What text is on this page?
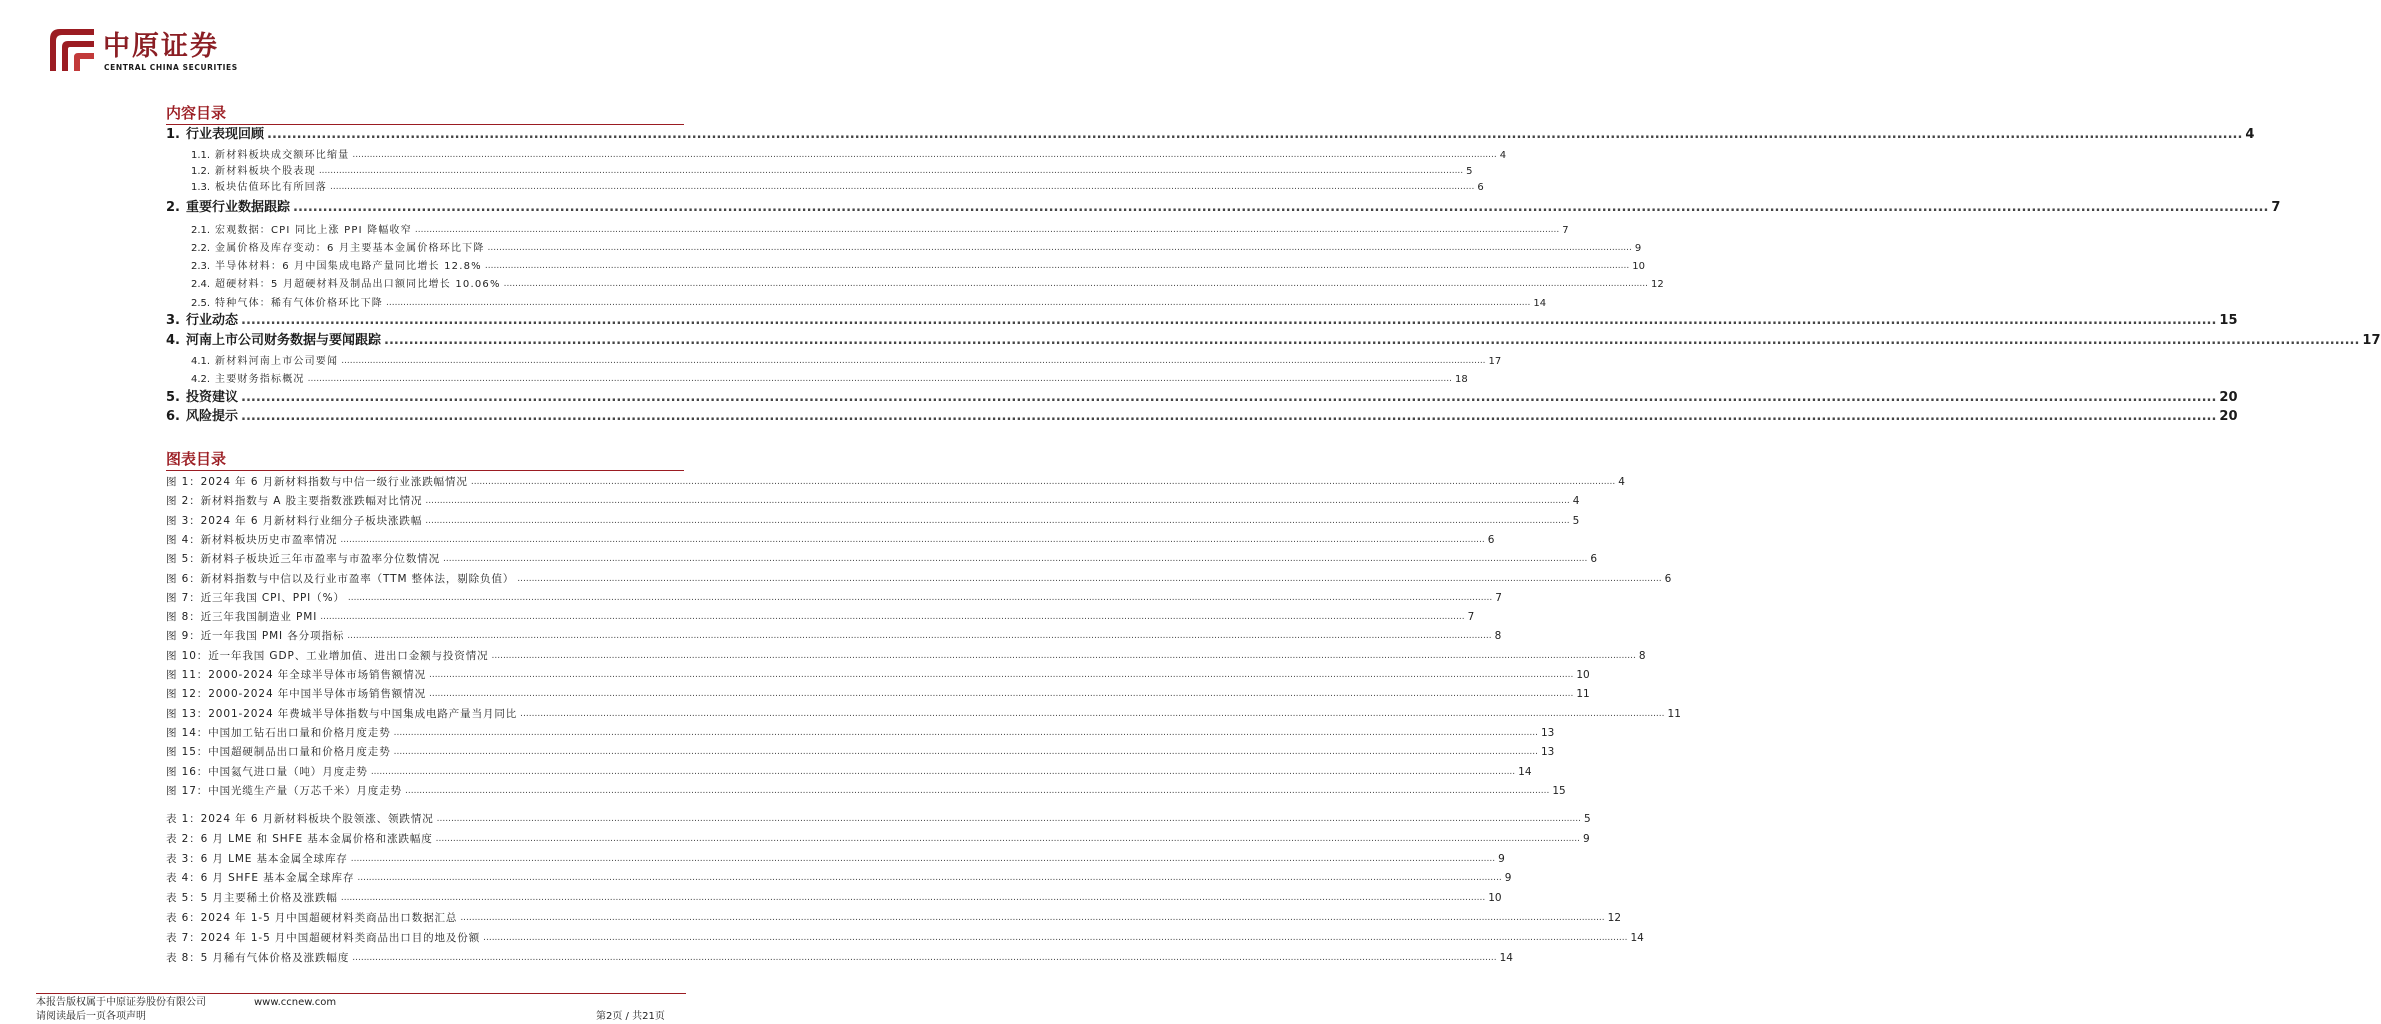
中原证券
CENTRAL CHINA SECURITIES
内容目录
1. 行业表现回顾 ................................................................................................................................................................................................................................................................................................................................................................................................................ 4
1.1. 新材料板块成交额环比缩量 ................................................................................................................................................................................................................................................................................................................................................................................................................ 4
1.2. 新材料板块个股表现 ................................................................................................................................................................................................................................................................................................................................................................................................................ 5
1.3. 板块估值环比有所回落 ................................................................................................................................................................................................................................................................................................................................................................................................................ 6
2. 重要行业数据跟踪 ................................................................................................................................................................................................................................................................................................................................................................................................................ 7
2.1. 宏观数据：CPI 同比上涨 PPI 降幅收窄 ................................................................................................................................................................................................................................................................................................................................................................................................................ 7
2.2. 金属价格及库存变动：6 月主要基本金属价格环比下降 ................................................................................................................................................................................................................................................................................................................................................................................................................ 9
2.3. 半导体材料：6 月中国集成电路产量同比增长 12.8% ................................................................................................................................................................................................................................................................................................................................................................................................................ 10
2.4. 超硬材料：5 月超硬材料及制品出口额同比增长 10.06% ................................................................................................................................................................................................................................................................................................................................................................................................................ 12
2.5. 特种气体：稀有气体价格环比下降 ................................................................................................................................................................................................................................................................................................................................................................................................................ 14
3. 行业动态 ................................................................................................................................................................................................................................................................................................................................................................................................................ 15
4. 河南上市公司财务数据与要闻跟踪 ................................................................................................................................................................................................................................................................................................................................................................................................................ 17
4.1. 新材料河南上市公司要闻 ................................................................................................................................................................................................................................................................................................................................................................................................................ 17
4.2. 主要财务指标概况 ................................................................................................................................................................................................................................................................................................................................................................................................................ 18
5. 投资建议 ................................................................................................................................................................................................................................................................................................................................................................................................................ 20
6. 风险提示 ................................................................................................................................................................................................................................................................................................................................................................................................................ 20
图表目录
图 1：2024 年 6 月新材料指数与中信一级行业涨跌幅情况 ................................................................................................................................................................................................................................................................................................................................................................................................................ 4
图 2：新材料指数与 A 股主要指数涨跌幅对比情况 ................................................................................................................................................................................................................................................................................................................................................................................................................ 4
图 3：2024 年 6 月新材料行业细分子板块涨跌幅 ................................................................................................................................................................................................................................................................................................................................................................................................................ 5
图 4：新材料板块历史市盈率情况 ................................................................................................................................................................................................................................................................................................................................................................................................................ 6
图 5：新材料子板块近三年市盈率与市盈率分位数情况 ................................................................................................................................................................................................................................................................................................................................................................................................................ 6
图 6：新材料指数与中信以及行业市盈率（TTM 整体法，剔除负值） ................................................................................................................................................................................................................................................................................................................................................................................................................ 6
图 7：近三年我国 CPI、PPI（%） ................................................................................................................................................................................................................................................................................................................................................................................................................ 7
图 8：近三年我国制造业 PMI ................................................................................................................................................................................................................................................................................................................................................................................................................ 7
图 9：近一年我国 PMI 各分项指标 ................................................................................................................................................................................................................................................................................................................................................................................................................ 8
图 10：近一年我国 GDP、工业增加值、进出口金额与投资情况 ................................................................................................................................................................................................................................................................................................................................................................................................................ 8
图 11：2000-2024 年全球半导体市场销售额情况 ................................................................................................................................................................................................................................................................................................................................................................................................................ 10
图 12：2000-2024 年中国半导体市场销售额情况 ................................................................................................................................................................................................................................................................................................................................................................................................................ 11
图 13：2001-2024 年费城半导体指数与中国集成电路产量当月同比 ................................................................................................................................................................................................................................................................................................................................................................................................................ 11
图 14：中国加工钻石出口量和价格月度走势 ................................................................................................................................................................................................................................................................................................................................................................................................................ 13
图 15：中国超硬制品出口量和价格月度走势 ................................................................................................................................................................................................................................................................................................................................................................................................................ 13
图 16：中国氦气进口量（吨）月度走势 ................................................................................................................................................................................................................................................................................................................................................................................................................ 14
图 17：中国光缆生产量（万芯千米）月度走势 ................................................................................................................................................................................................................................................................................................................................................................................................................ 15
表 1：2024 年 6 月新材料板块个股领涨、领跌情况 ................................................................................................................................................................................................................................................................................................................................................................................................................ 5
表 2：6 月 LME 和 SHFE 基本金属价格和涨跌幅度 ................................................................................................................................................................................................................................................................................................................................................................................................................ 9
表 3：6 月 LME 基本金属全球库存 ................................................................................................................................................................................................................................................................................................................................................................................................................ 9
表 4：6 月 SHFE 基本金属全球库存 ................................................................................................................................................................................................................................................................................................................................................................................................................ 9
表 5：5 月主要稀土价格及涨跌幅 ................................................................................................................................................................................................................................................................................................................................................................................................................ 10
表 6：2024 年 1-5 月中国超硬材料类商品出口数据汇总 ................................................................................................................................................................................................................................................................................................................................................................................................................ 12
表 7：2024 年 1-5 月中国超硬材料类商品出口目的地及份额 ................................................................................................................................................................................................................................................................................................................................................................................................................ 14
表 8：5 月稀有气体价格及涨跌幅度 ................................................................................................................................................................................................................................................................................................................................................................................................................ 14
本报告版权属于中原证券股份有限公司	www.ccnew.com
请阅读最后一页各项声明	第2页 / 共21页
